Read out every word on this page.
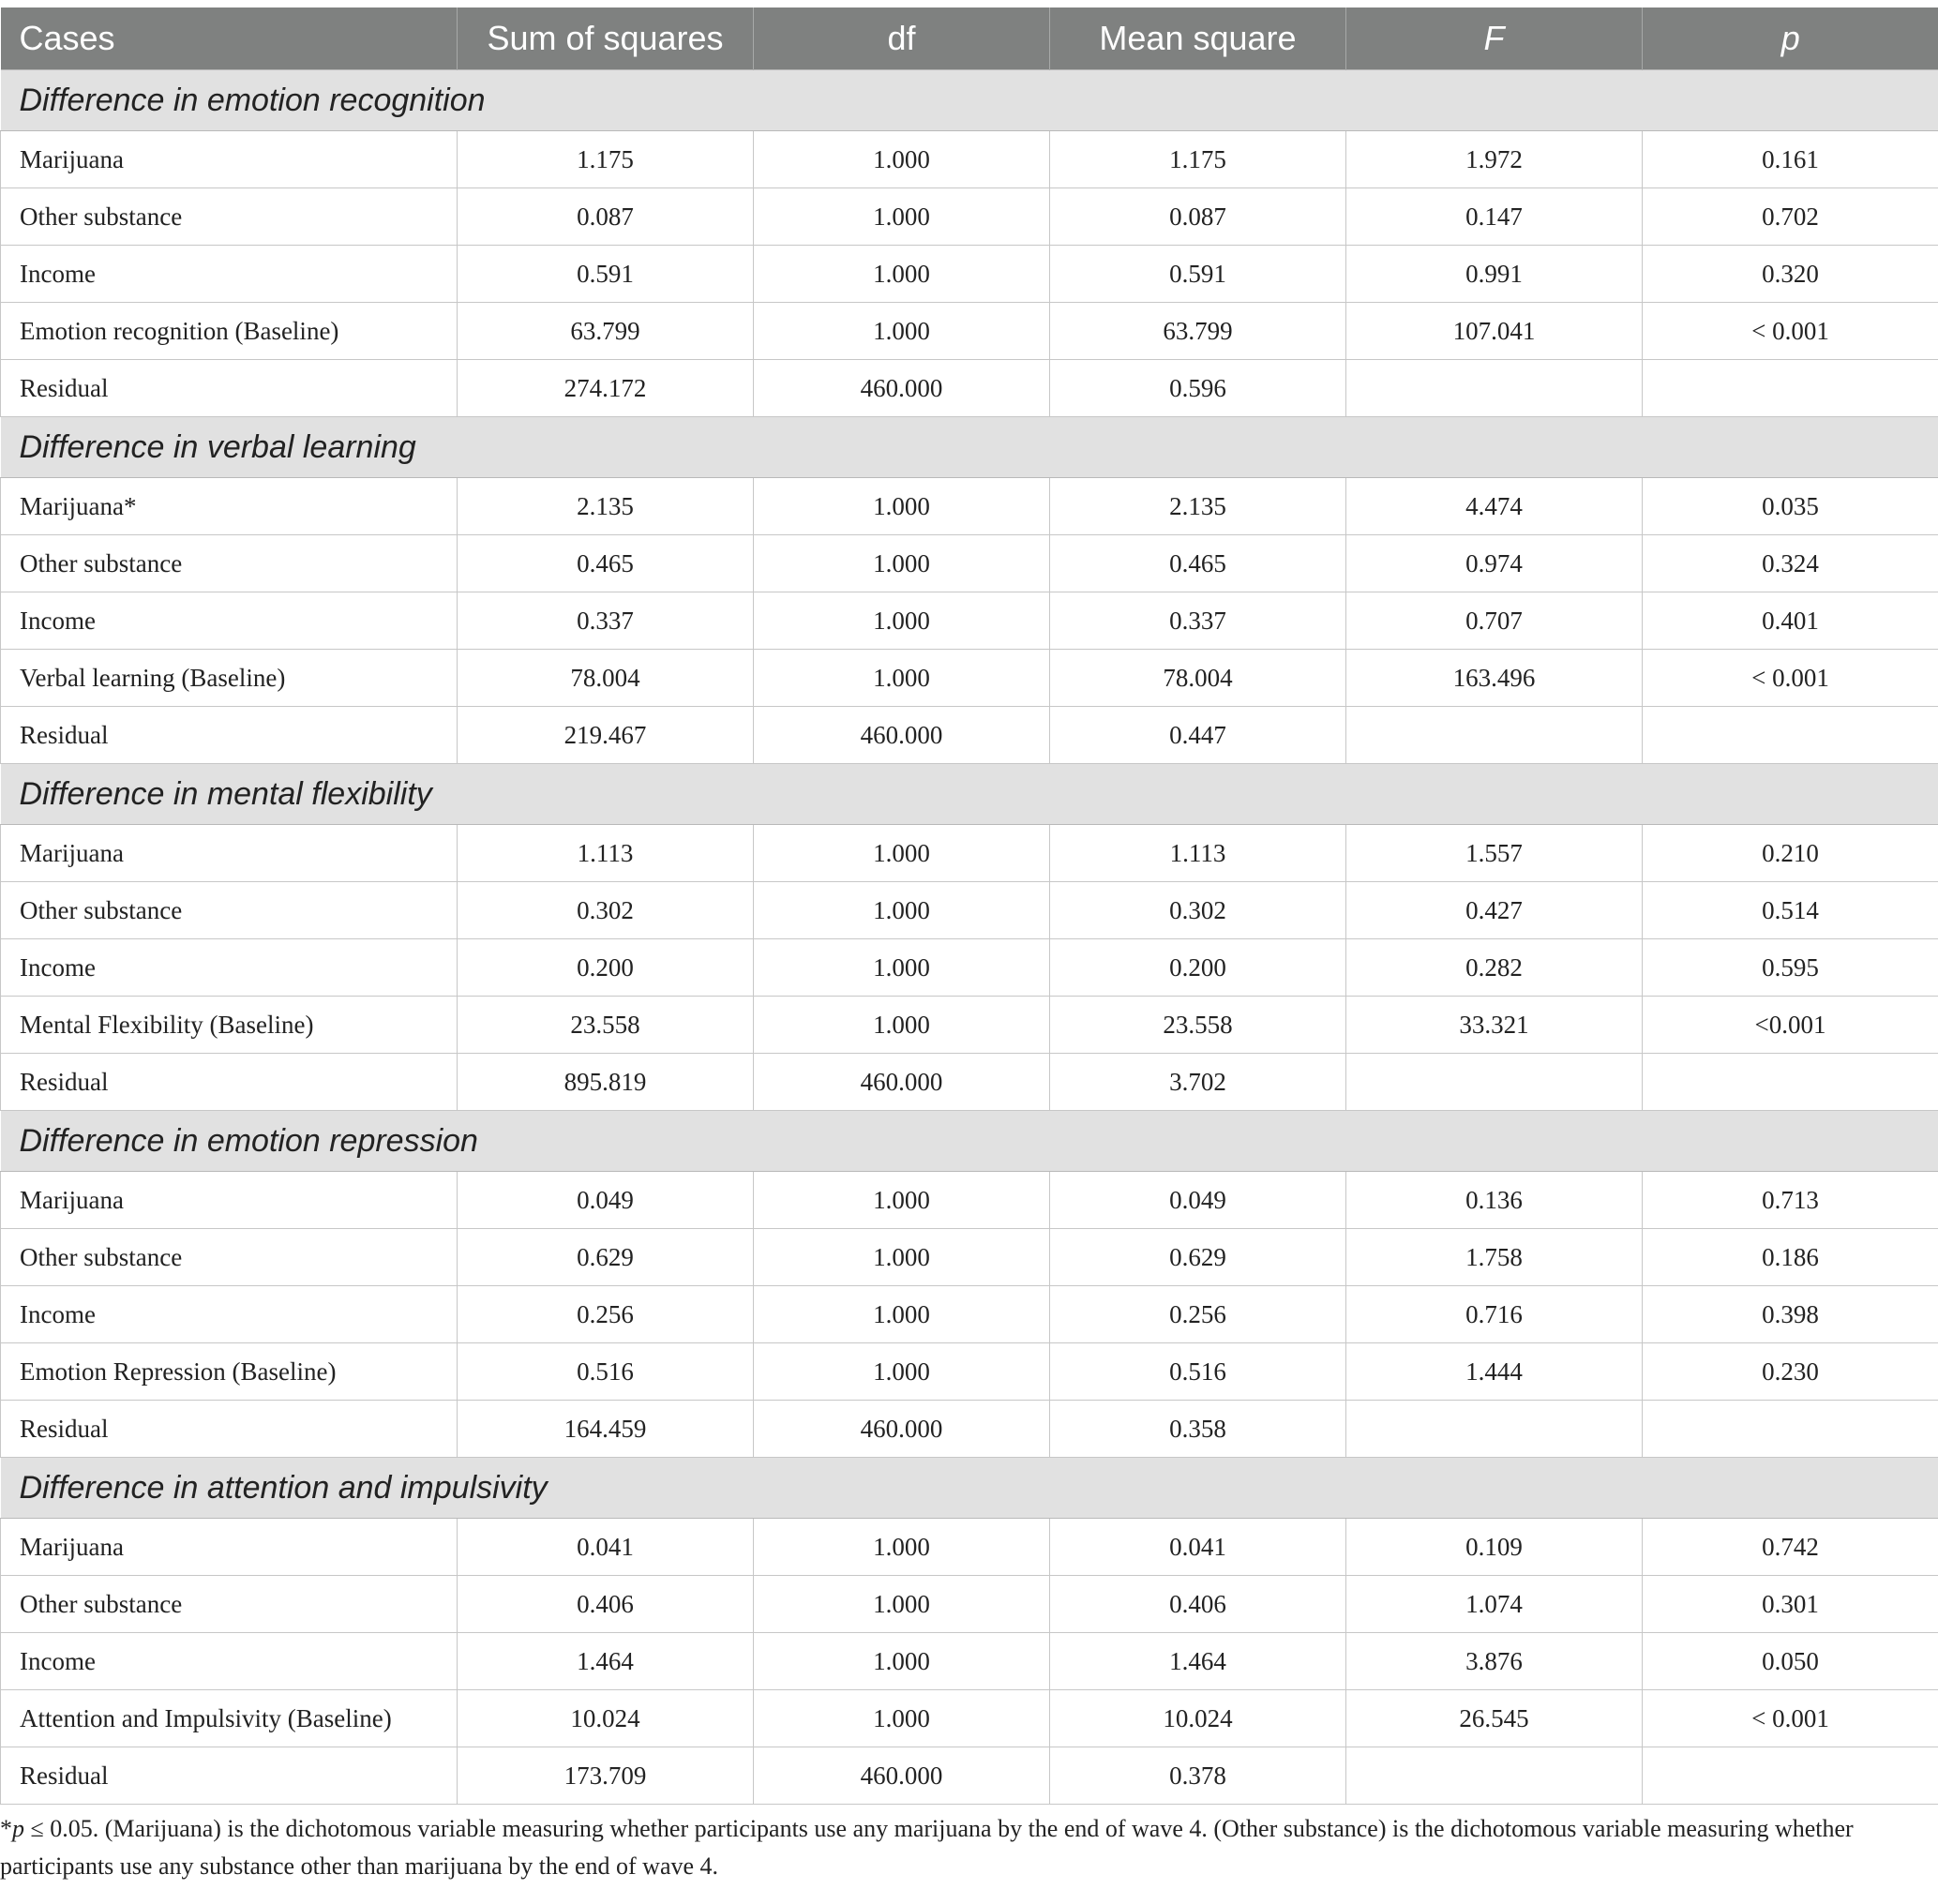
Cases	Sum of squares	df	Mean square	F	p
Difference in emotion recognition					
Marijuana	1.175	1.000	1.175	1.972	0.161
Other substance	0.087	1.000	0.087	0.147	0.702
Income	0.591	1.000	0.591	0.991	0.320
Emotion recognition (Baseline)	63.799	1.000	63.799	107.041	< 0.001
Residual	274.172	460.000	0.596		
Difference in verbal learning					
Marijuana*	2.135	1.000	2.135	4.474	0.035
Other substance	0.465	1.000	0.465	0.974	0.324
Income	0.337	1.000	0.337	0.707	0.401
Verbal learning (Baseline)	78.004	1.000	78.004	163.496	< 0.001
Residual	219.467	460.000	0.447		
Difference in mental flexibility					
Marijuana	1.113	1.000	1.113	1.557	0.210
Other substance	0.302	1.000	0.302	0.427	0.514
Income	0.200	1.000	0.200	0.282	0.595
Mental Flexibility (Baseline)	23.558	1.000	23.558	33.321	<0.001
Residual	895.819	460.000	3.702		
Difference in emotion repression					
Marijuana	0.049	1.000	0.049	0.136	0.713
Other substance	0.629	1.000	0.629	1.758	0.186
Income	0.256	1.000	0.256	0.716	0.398
Emotion Repression (Baseline)	0.516	1.000	0.516	1.444	0.230
Residual	164.459	460.000	0.358		
Difference in attention and impulsivity					
Marijuana	0.041	1.000	0.041	0.109	0.742
Other substance	0.406	1.000	0.406	1.074	0.301
Income	1.464	1.000	1.464	3.876	0.050
Attention and Impulsivity (Baseline)	10.024	1.000	10.024	26.545	< 0.001
Residual	173.709	460.000	0.378		
*p ≤ 0.05. (Marijuana) is the dichotomous variable measuring whether participants use any marijuana by the end of wave 4. (Other substance) is the dichotomous variable measuring whether participants use any substance other than marijuana by the end of wave 4.
